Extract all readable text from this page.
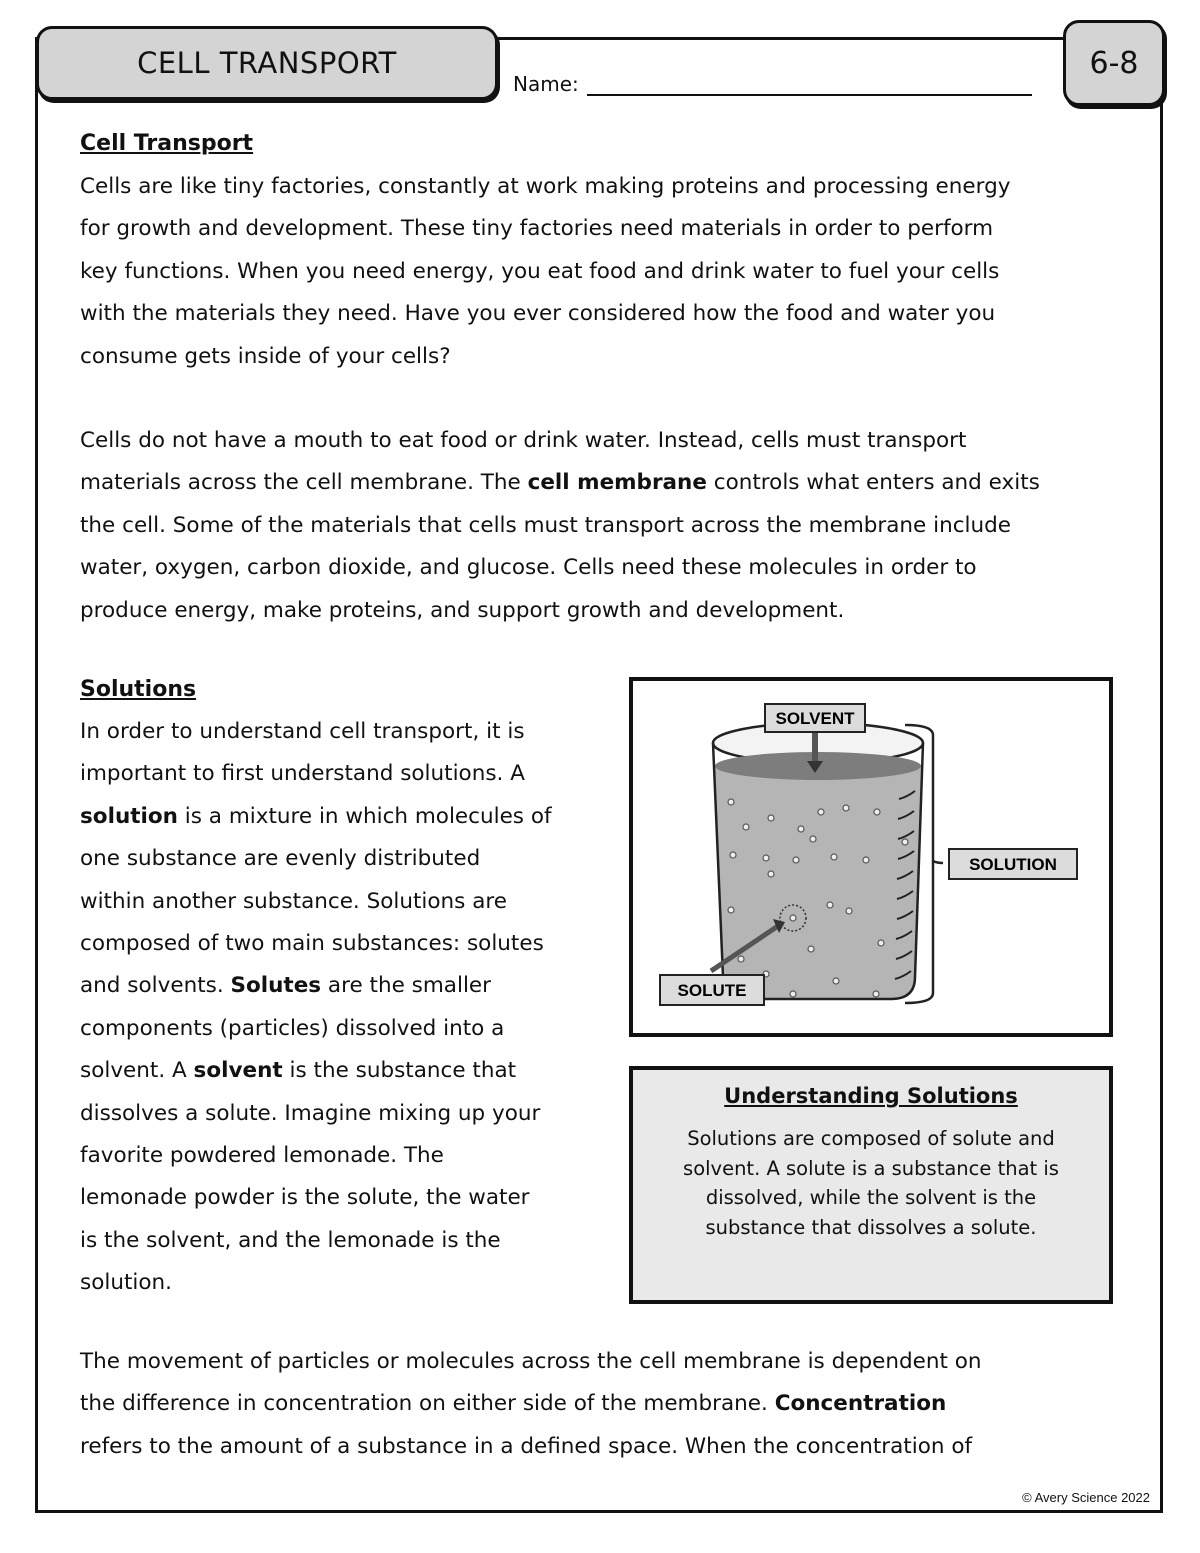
CELL TRANSPORT	6-8
Name:

Cell Transport

Cells are like tiny factories, constantly at work making proteins and processing energy
for growth and development. These tiny factories need materials in order to perform
key functions. When you need energy, you eat food and drink water to fuel your cells
with the materials they need. Have you ever considered how the food and water you
consume gets inside of your cells?

Cells do not have a mouth to eat food or drink water. Instead, cells must transport
materials across the cell membrane. The cell membrane controls what enters and exits
the cell. Some of the materials that cells must transport across the membrane include
water, oxygen, carbon dioxide, and glucose. Cells need these molecules in order to
produce energy, make proteins, and support growth and development.

Solutions

In order to understand cell transport, it is
important to first understand solutions. A
solution is a mixture in which molecules of
one substance are evenly distributed
within another substance. Solutions are
composed of two main substances: solutes
and solvents. Solutes are the smaller
components (particles) dissolved into a
solvent. A solvent is the substance that
dissolves a solute. Imagine mixing up your
favorite powdered lemonade. The
lemonade powder is the solute, the water
is the solvent, and the lemonade is the
solution.

SOLVENT
SOLUTION
SOLUTE

Understanding Solutions

Solutions are composed of solute and
solvent. A solute is a substance that is
dissolved, while the solvent is the
substance that dissolves a solute.

The movement of particles or molecules across the cell membrane is dependent on
the difference in concentration on either side of the membrane. Concentration
refers to the amount of a substance in a defined space. When the concentration of

© Avery Science 2022
